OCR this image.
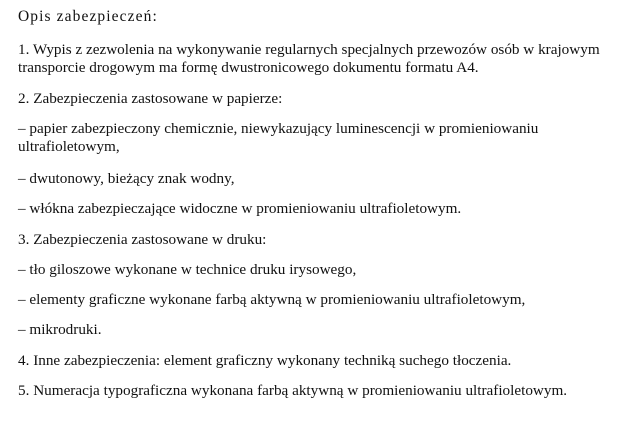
Opis zabezpieczeń:
1. Wypis z zezwolenia na wykonywanie regularnych specjalnych przewozów osób w krajowym
transporcie drogowym ma formę dwustronicowego dokumentu formatu A4.
2. Zabezpieczenia zastosowane w papierze:
– papier zabezpieczony chemicznie, niewykazujący luminescencji w promieniowaniu
ultrafioletowym,
– dwutonowy, bieżący znak wodny,
– włókna zabezpieczające widoczne w promieniowaniu ultrafioletowym.
3. Zabezpieczenia zastosowane w druku:
– tło giloszowe wykonane w technice druku irysowego,
– elementy graficzne wykonane farbą aktywną w promieniowaniu ultrafioletowym,
– mikrodruki.
4. Inne zabezpieczenia: element graficzny wykonany techniką suchego tłoczenia.
5. Numeracja typograficzna wykonana farbą aktywną w promieniowaniu ultrafioletowym.
